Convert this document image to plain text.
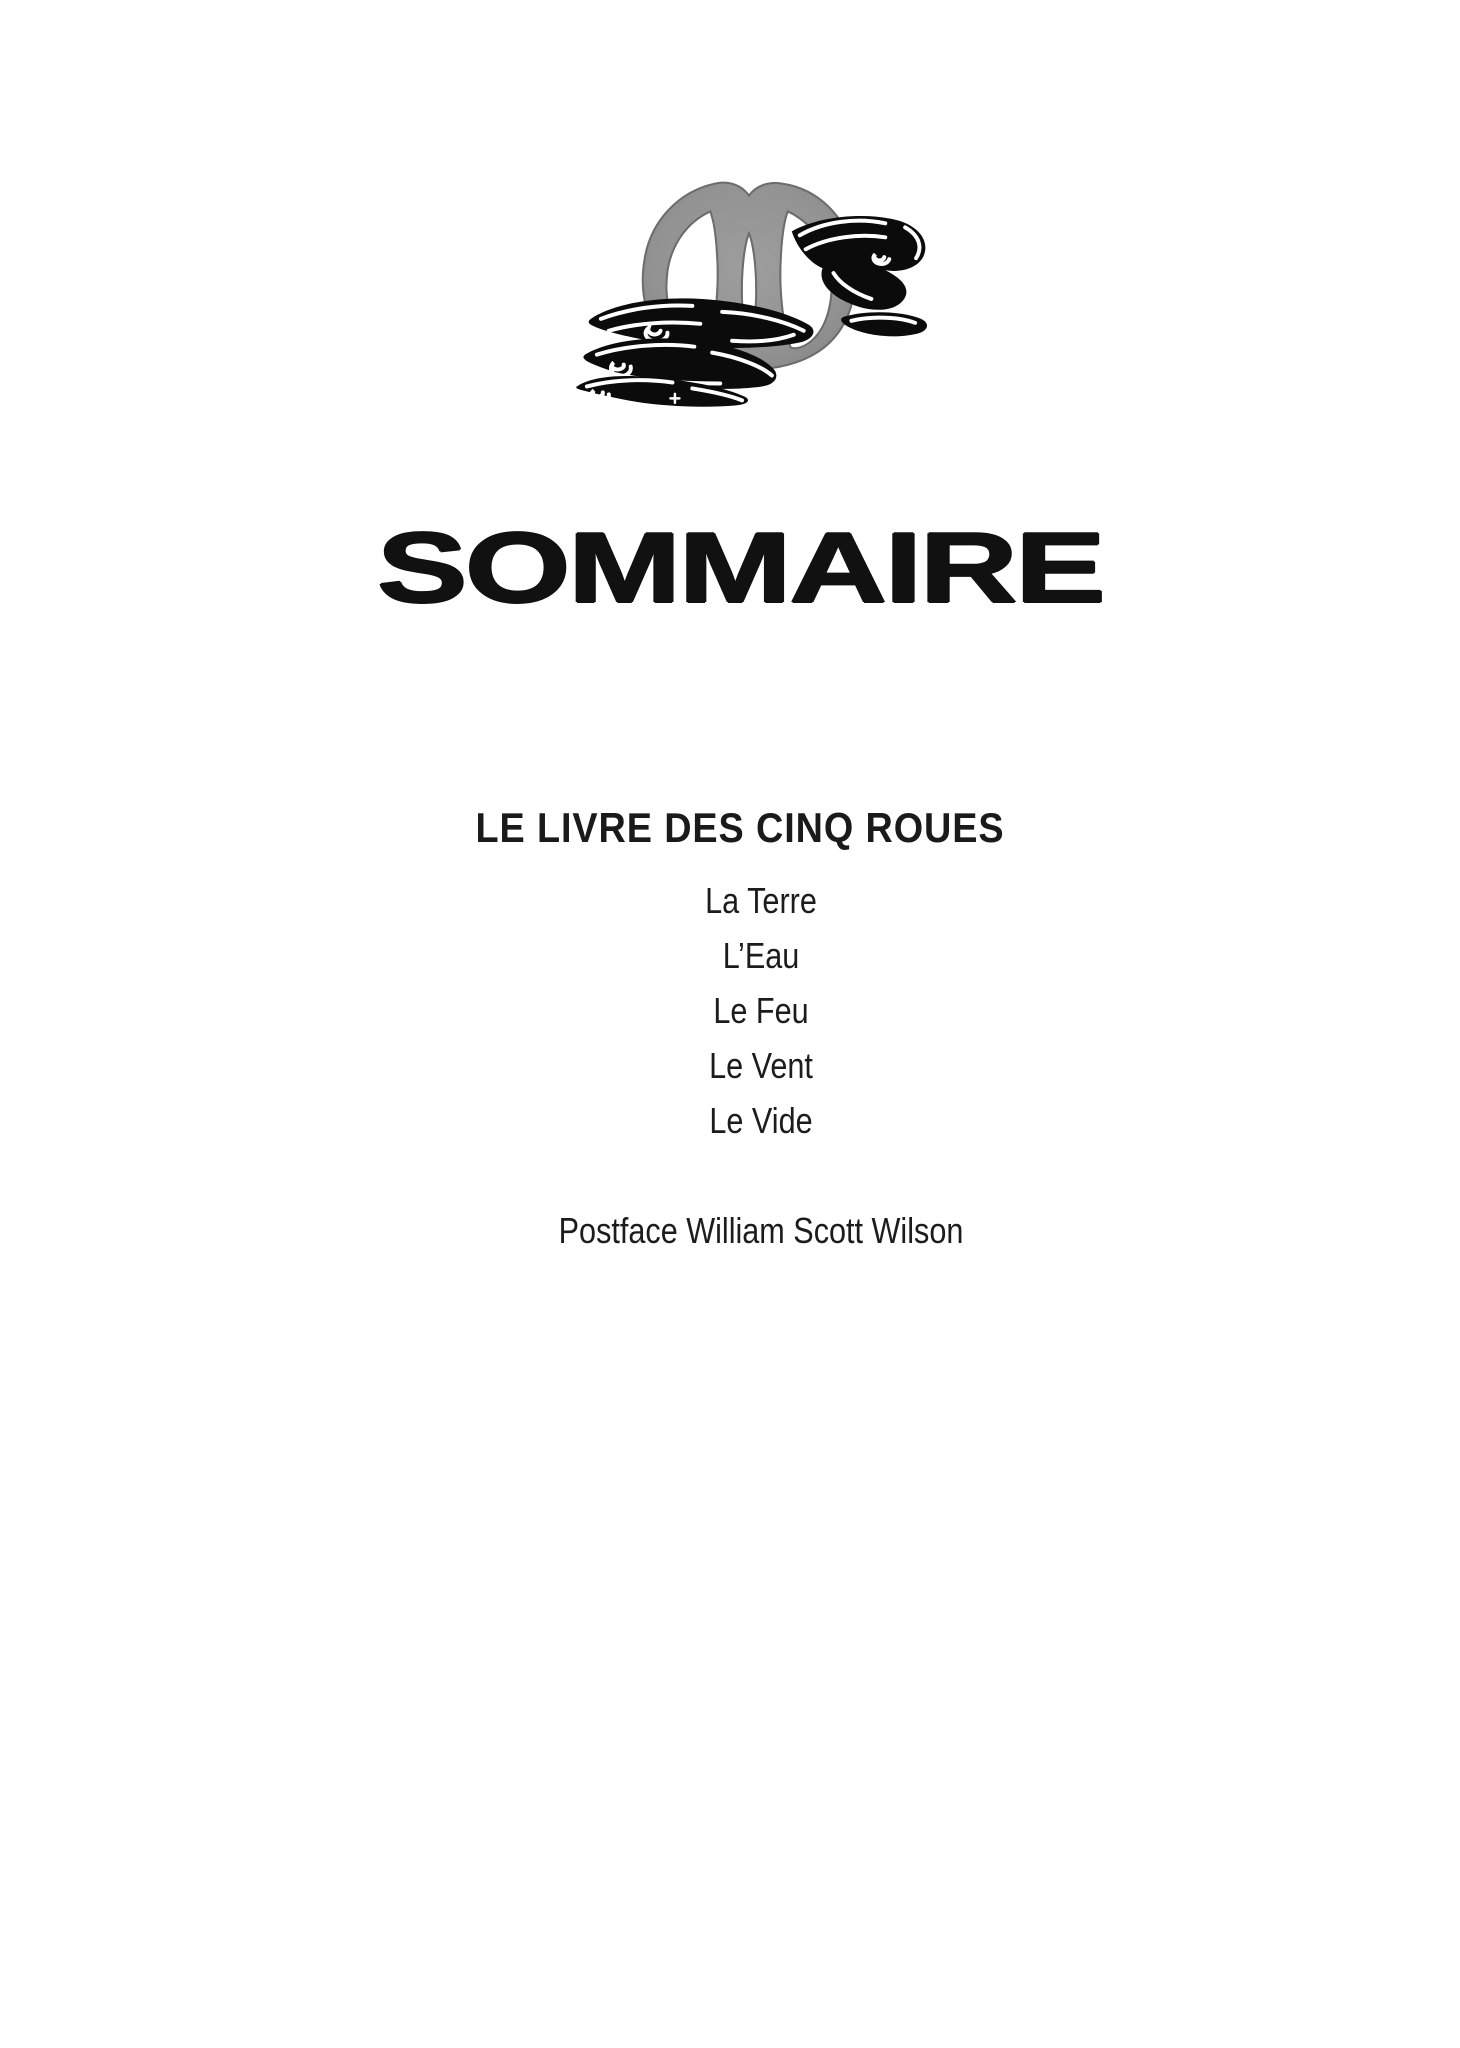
SOMMAIRE
LE LIVRE DES CINQ ROUES
La Terre
L’Eau
Le Feu
Le Vent
Le Vide

Postface William Scott Wilson
